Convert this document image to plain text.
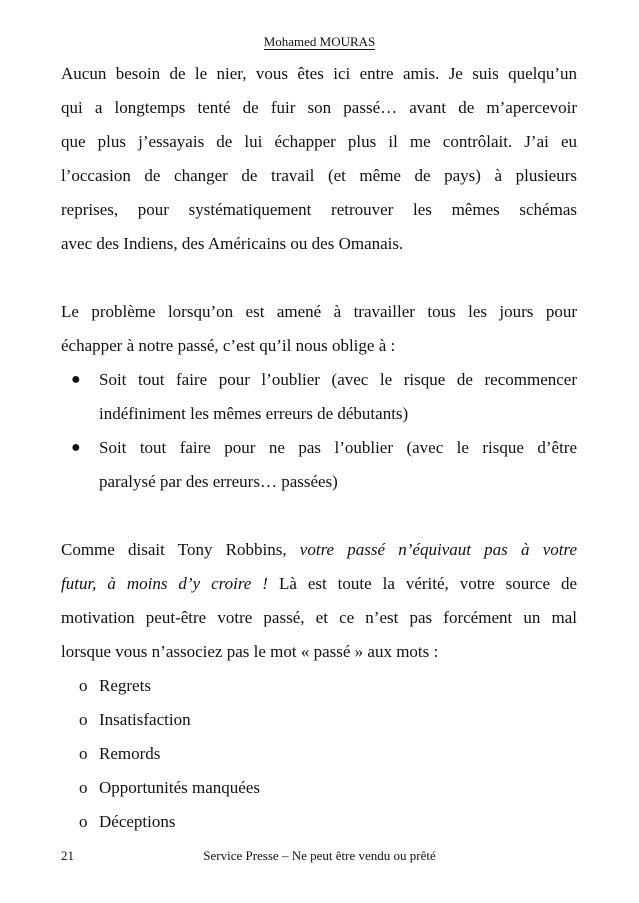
Mohamed MOURAS
Aucun besoin de le nier, vous êtes ici entre amis. Je suis quelqu’un
qui a longtemps tenté de fuir son passé… avant de m’apercevoir
que plus j’essayais de lui échapper plus il me contrôlait. J’ai eu
l’occasion de changer de travail (et même de pays) à plusieurs
reprises, pour systématiquement retrouver les mêmes schémas
avec des Indiens, des Américains ou des Omanais.
Le problème lorsqu’on est amené à travailler tous les jours pour
échapper à notre passé, c’est qu’il nous oblige à :
● Soit tout faire pour l’oublier (avec le risque de recommencer
indéfiniment les mêmes erreurs de débutants)
● Soit tout faire pour ne pas l’oublier (avec le risque d’être
paralysé par des erreurs… passées)
Comme disait Tony Robbins, votre passé n’équivaut pas à votre
futur, à moins d’y croire ! Là est toute la vérité, votre source de
motivation peut-être votre passé, et ce n’est pas forcément un mal
lorsque vous n’associez pas le mot « passé » aux mots :
o Regrets
o Insatisfaction
o Remords
o Opportunités manquées
o Déceptions
21	Service Presse – Ne peut être vendu ou prêté
